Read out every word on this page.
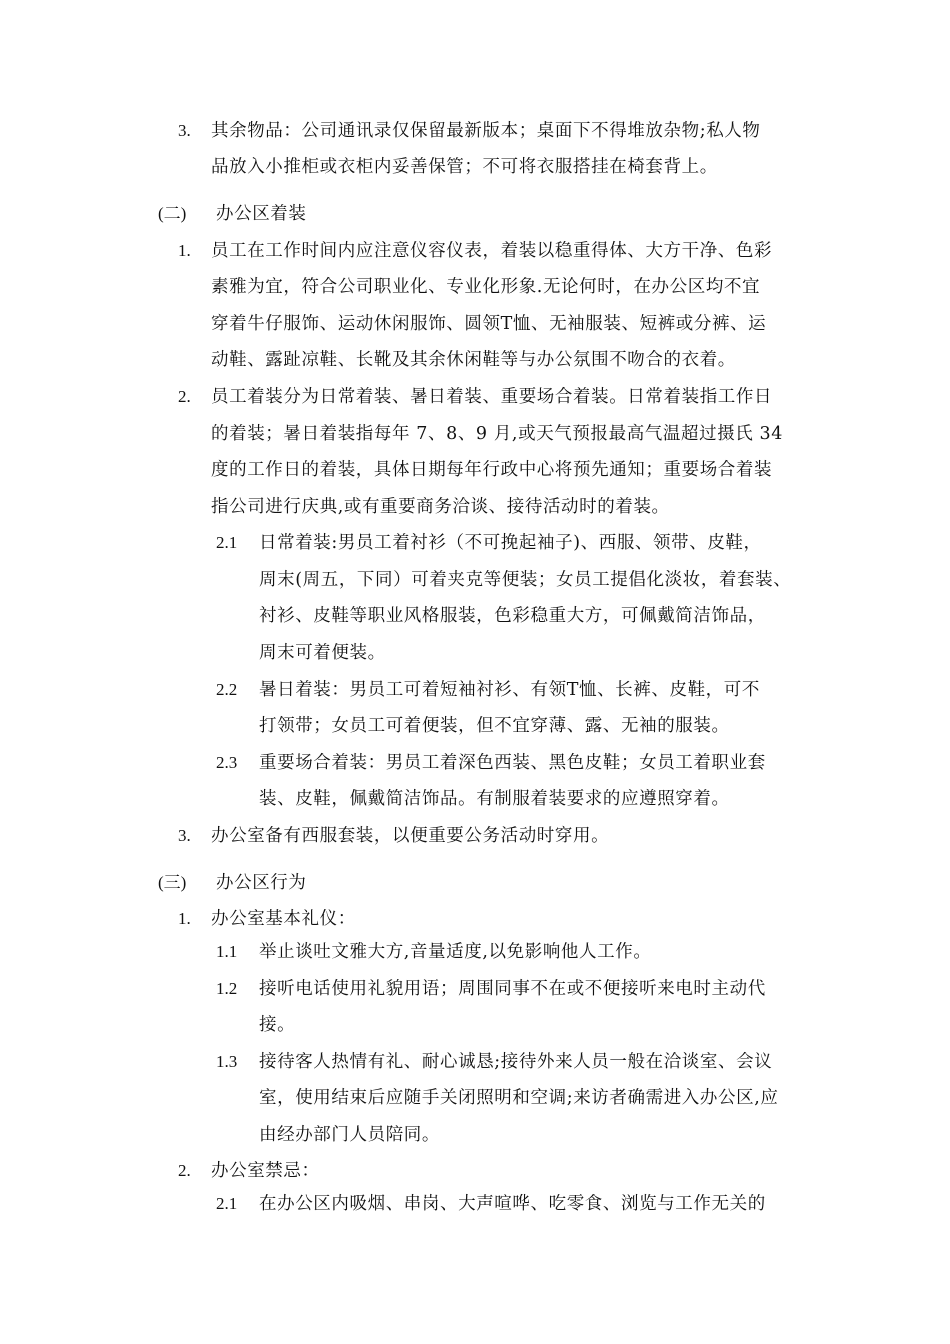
3. 其余物品：公司通讯录仅保留最新版本；桌面下不得堆放杂物;私人物
品放入小推柜或衣柜内妥善保管；不可将衣服搭挂在椅套背上。
(二) 办公区着装
1. 员工在工作时间内应注意仪容仪表，着装以稳重得体、大方干净、色彩
素雅为宜，符合公司职业化、专业化形象.无论何时，在办公区均不宜
穿着牛仔服饰、运动休闲服饰、圆领T恤、无袖服装、短裤或分裤、运
动鞋、露趾凉鞋、长靴及其余休闲鞋等与办公氛围不吻合的衣着。
2. 员工着装分为日常着装、暑日着装、重要场合着装。日常着装指工作日
的着装；暑日着装指每年 7、8、9 月,或天气预报最高气温超过摄氏 34
度的工作日的着装，具体日期每年行政中心将预先通知；重要场合着装
指公司进行庆典,或有重要商务洽谈、接待活动时的着装。
2.1 日常着装:男员工着衬衫（不可挽起袖子)、西服、领带、皮鞋，
周末(周五，下同）可着夹克等便装；女员工提倡化淡妆，着套装、
衬衫、皮鞋等职业风格服装，色彩稳重大方，可佩戴简洁饰品，
周末可着便装。
2.2 暑日着装：男员工可着短袖衬衫、有领T恤、长裤、皮鞋，可不
打领带；女员工可着便装，但不宜穿薄、露、无袖的服装。
2.3 重要场合着装：男员工着深色西装、黑色皮鞋；女员工着职业套
装、皮鞋，佩戴简洁饰品。有制服着装要求的应遵照穿着。
3. 办公室备有西服套装，以便重要公务活动时穿用。
(三) 办公区行为
1. 办公室基本礼仪：
1.1 举止谈吐文雅大方,音量适度,以免影响他人工作。
1.2 接听电话使用礼貌用语；周围同事不在或不便接听来电时主动代
接。
1.3 接待客人热情有礼、耐心诚恳;接待外来人员一般在洽谈室、会议
室，使用结束后应随手关闭照明和空调;来访者确需进入办公区,应
由经办部门人员陪同。
2. 办公室禁忌：
2.1 在办公区内吸烟、串岗、大声喧哗、吃零食、浏览与工作无关的
